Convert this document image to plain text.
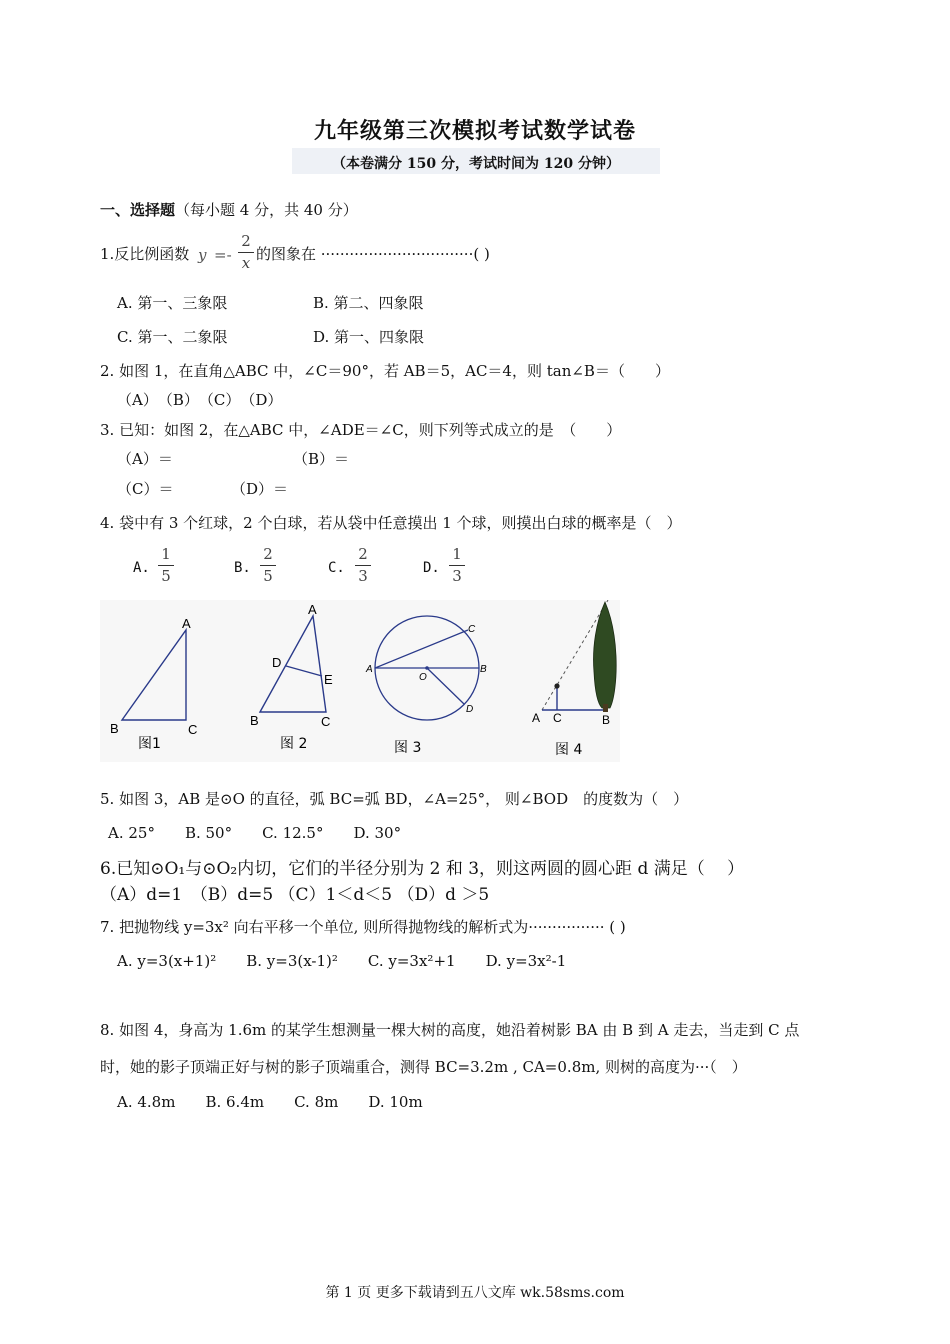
九年级第三次模拟考试数学试卷
（本卷满分 150 分，考试时间为 120 分钟）
一、选择题（每小题 4 分，共 40 分）
1.反比例函数 y =-
2
x 的图象在 ································( )
A. 第一、三象限	B. 第二、四象限
C. 第一、二象限	D. 第一、四象限
2. 如图 1，在直角△ABC 中，∠C＝90°，若 AB＝5，AC＝4，则 tan∠B＝（　　）
（A）　（B）　（C）　（D）
3. 已知：如图 2，在△ABC 中，∠ADE＝∠C，则下列等式成立的是　（　　）
（A）＝	（B）＝
（C）＝	（D）＝
4. 袋中有 3 个红球，2 个白球，若从袋中任意摸出 1 个球，则摸出白球的概率是（　）
A.
1
5	B.
2
5	C.
2
3	D.
1
3
A
B	C
图1
A
B	C
D
E
图 2
A	B
C
D
O
图 3
A C	B
图 4
5. 如图 3，AB 是⊙O 的直径，弧 BC=弧 BD，∠A=25°， 则∠BOD　的度数为（　）
A. 25°　　B. 50°　　C. 12.5°　　D. 30°
6.已知⊙O₁与⊙O₂内切，它们的半径分别为 2 和 3，则这两圆的圆心距 d 满足（　 ）
（A）d=1　（B）d=5 （C）1＜d＜5 （D）d ＞5
7. 把抛物线 y=3x² 向右平移一个单位, 则所得抛物线的解析式为················ ( )
A. y=3(x+1)²　　B. y=3(x-1)²　　C. y=3x²+1　　D. y=3x²-1
8. 如图 4，身高为 1.6m 的某学生想测量一棵大树的高度，她沿着树影 BA 由 B 到 A 走去，当走到 C 点
时，她的影子顶端正好与树的影子顶端重合，测得 BC=3.2m , CA=0.8m, 则树的高度为···（　）
A. 4.8m　　B. 6.4m　　C. 8m　　D. 10m
第 1 页 更多下载请到五八文库 wk.58sms.com
